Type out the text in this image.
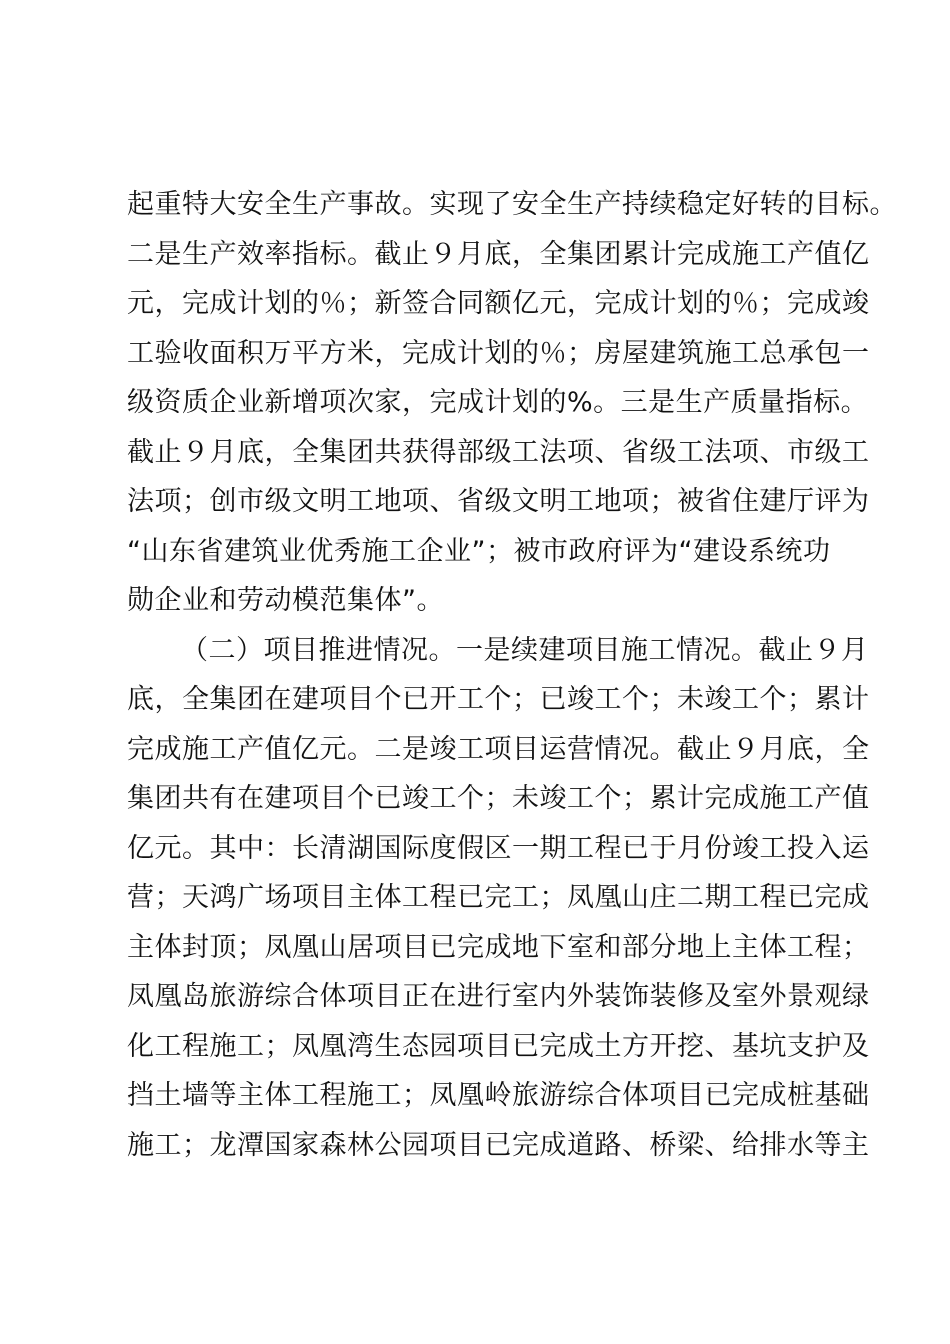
起重特大安全生产事故。实现了安全生产持续稳定好转的目标。
二是生产效率指标。截止９月底，全集团累计完成施工产值亿
元，完成计划的％；新签合同额亿元，完成计划的％；完成竣
工验收面积万平方米，完成计划的％；房屋建筑施工总承包一
级资质企业新增项次家，完成计划的%。三是生产质量指标。
截止９月底，全集团共获得部级工法项、省级工法项、市级工
法项；创市级文明工地项、省级文明工地项；被省住建厅评为
“山东省建筑业优秀施工企业”；被市政府评为“建设系统功
勋企业和劳动模范集体”。
（二）项目推进情况。一是续建项目施工情况。截止９月
底，全集团在建项目个已开工个；已竣工个；未竣工个；累计
完成施工产值亿元。二是竣工项目运营情况。截止９月底，全
集团共有在建项目个已竣工个；未竣工个；累计完成施工产值
亿元。其中：长清湖国际度假区一期工程已于月份竣工投入运
营；天鸿广场项目主体工程已完工；凤凰山庄二期工程已完成
主体封顶；凤凰山居项目已完成地下室和部分地上主体工程；
凤凰岛旅游综合体项目正在进行室内外装饰装修及室外景观绿
化工程施工；凤凰湾生态园项目已完成土方开挖、基坑支护及
挡土墙等主体工程施工；凤凰岭旅游综合体项目已完成桩基础
施工；龙潭国家森林公园项目已完成道路、桥梁、给排水等主
